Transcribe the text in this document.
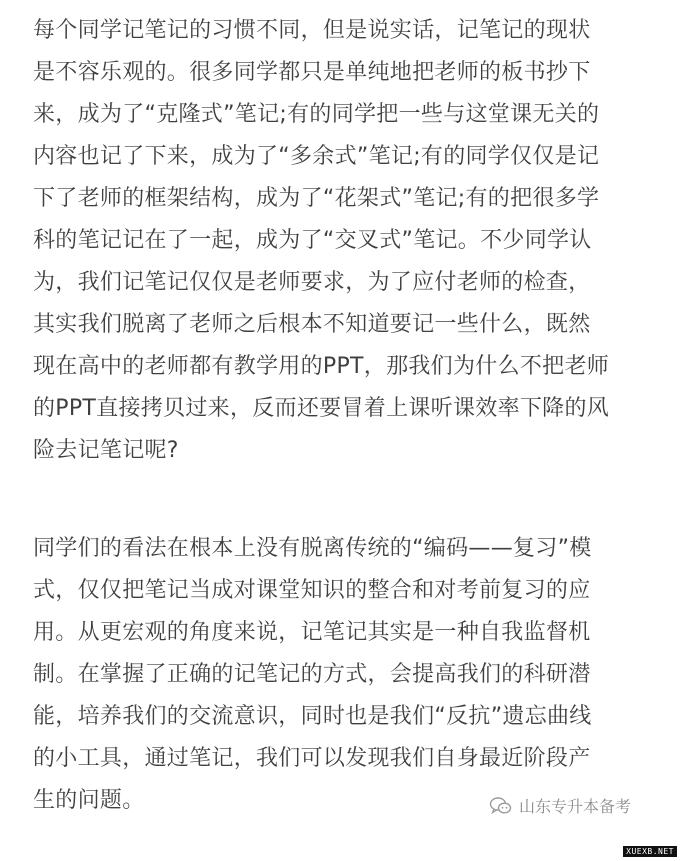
每个同学记笔记的习惯不同，但是说实话，记笔记的现状
是不容乐观的。很多同学都只是单纯地把老师的板书抄下
来，成为了“克隆式”笔记;有的同学把一些与这堂课无关的
内容也记了下来，成为了“多余式”笔记;有的同学仅仅是记
下了老师的框架结构，成为了“花架式”笔记;有的把很多学
科的笔记记在了一起，成为了“交叉式”笔记。不少同学认
为，我们记笔记仅仅是老师要求，为了应付老师的检查，
其实我们脱离了老师之后根本不知道要记一些什么，既然
现在高中的老师都有教学用的PPT，那我们为什么不把老师
的PPT直接拷贝过来，反而还要冒着上课听课效率下降的风
险去记笔记呢?
同学们的看法在根本上没有脱离传统的“编码——复习”模
式，仅仅把笔记当成对课堂知识的整合和对考前复习的应
用。从更宏观的角度来说，记笔记其实是一种自我监督机
制。在掌握了正确的记笔记的方式，会提高我们的科研潜
能，培养我们的交流意识，同时也是我们“反抗”遗忘曲线
的小工具，通过笔记，我们可以发现我们自身最近阶段产
生的问题。	山东专升本备考
XUEXB.NET
